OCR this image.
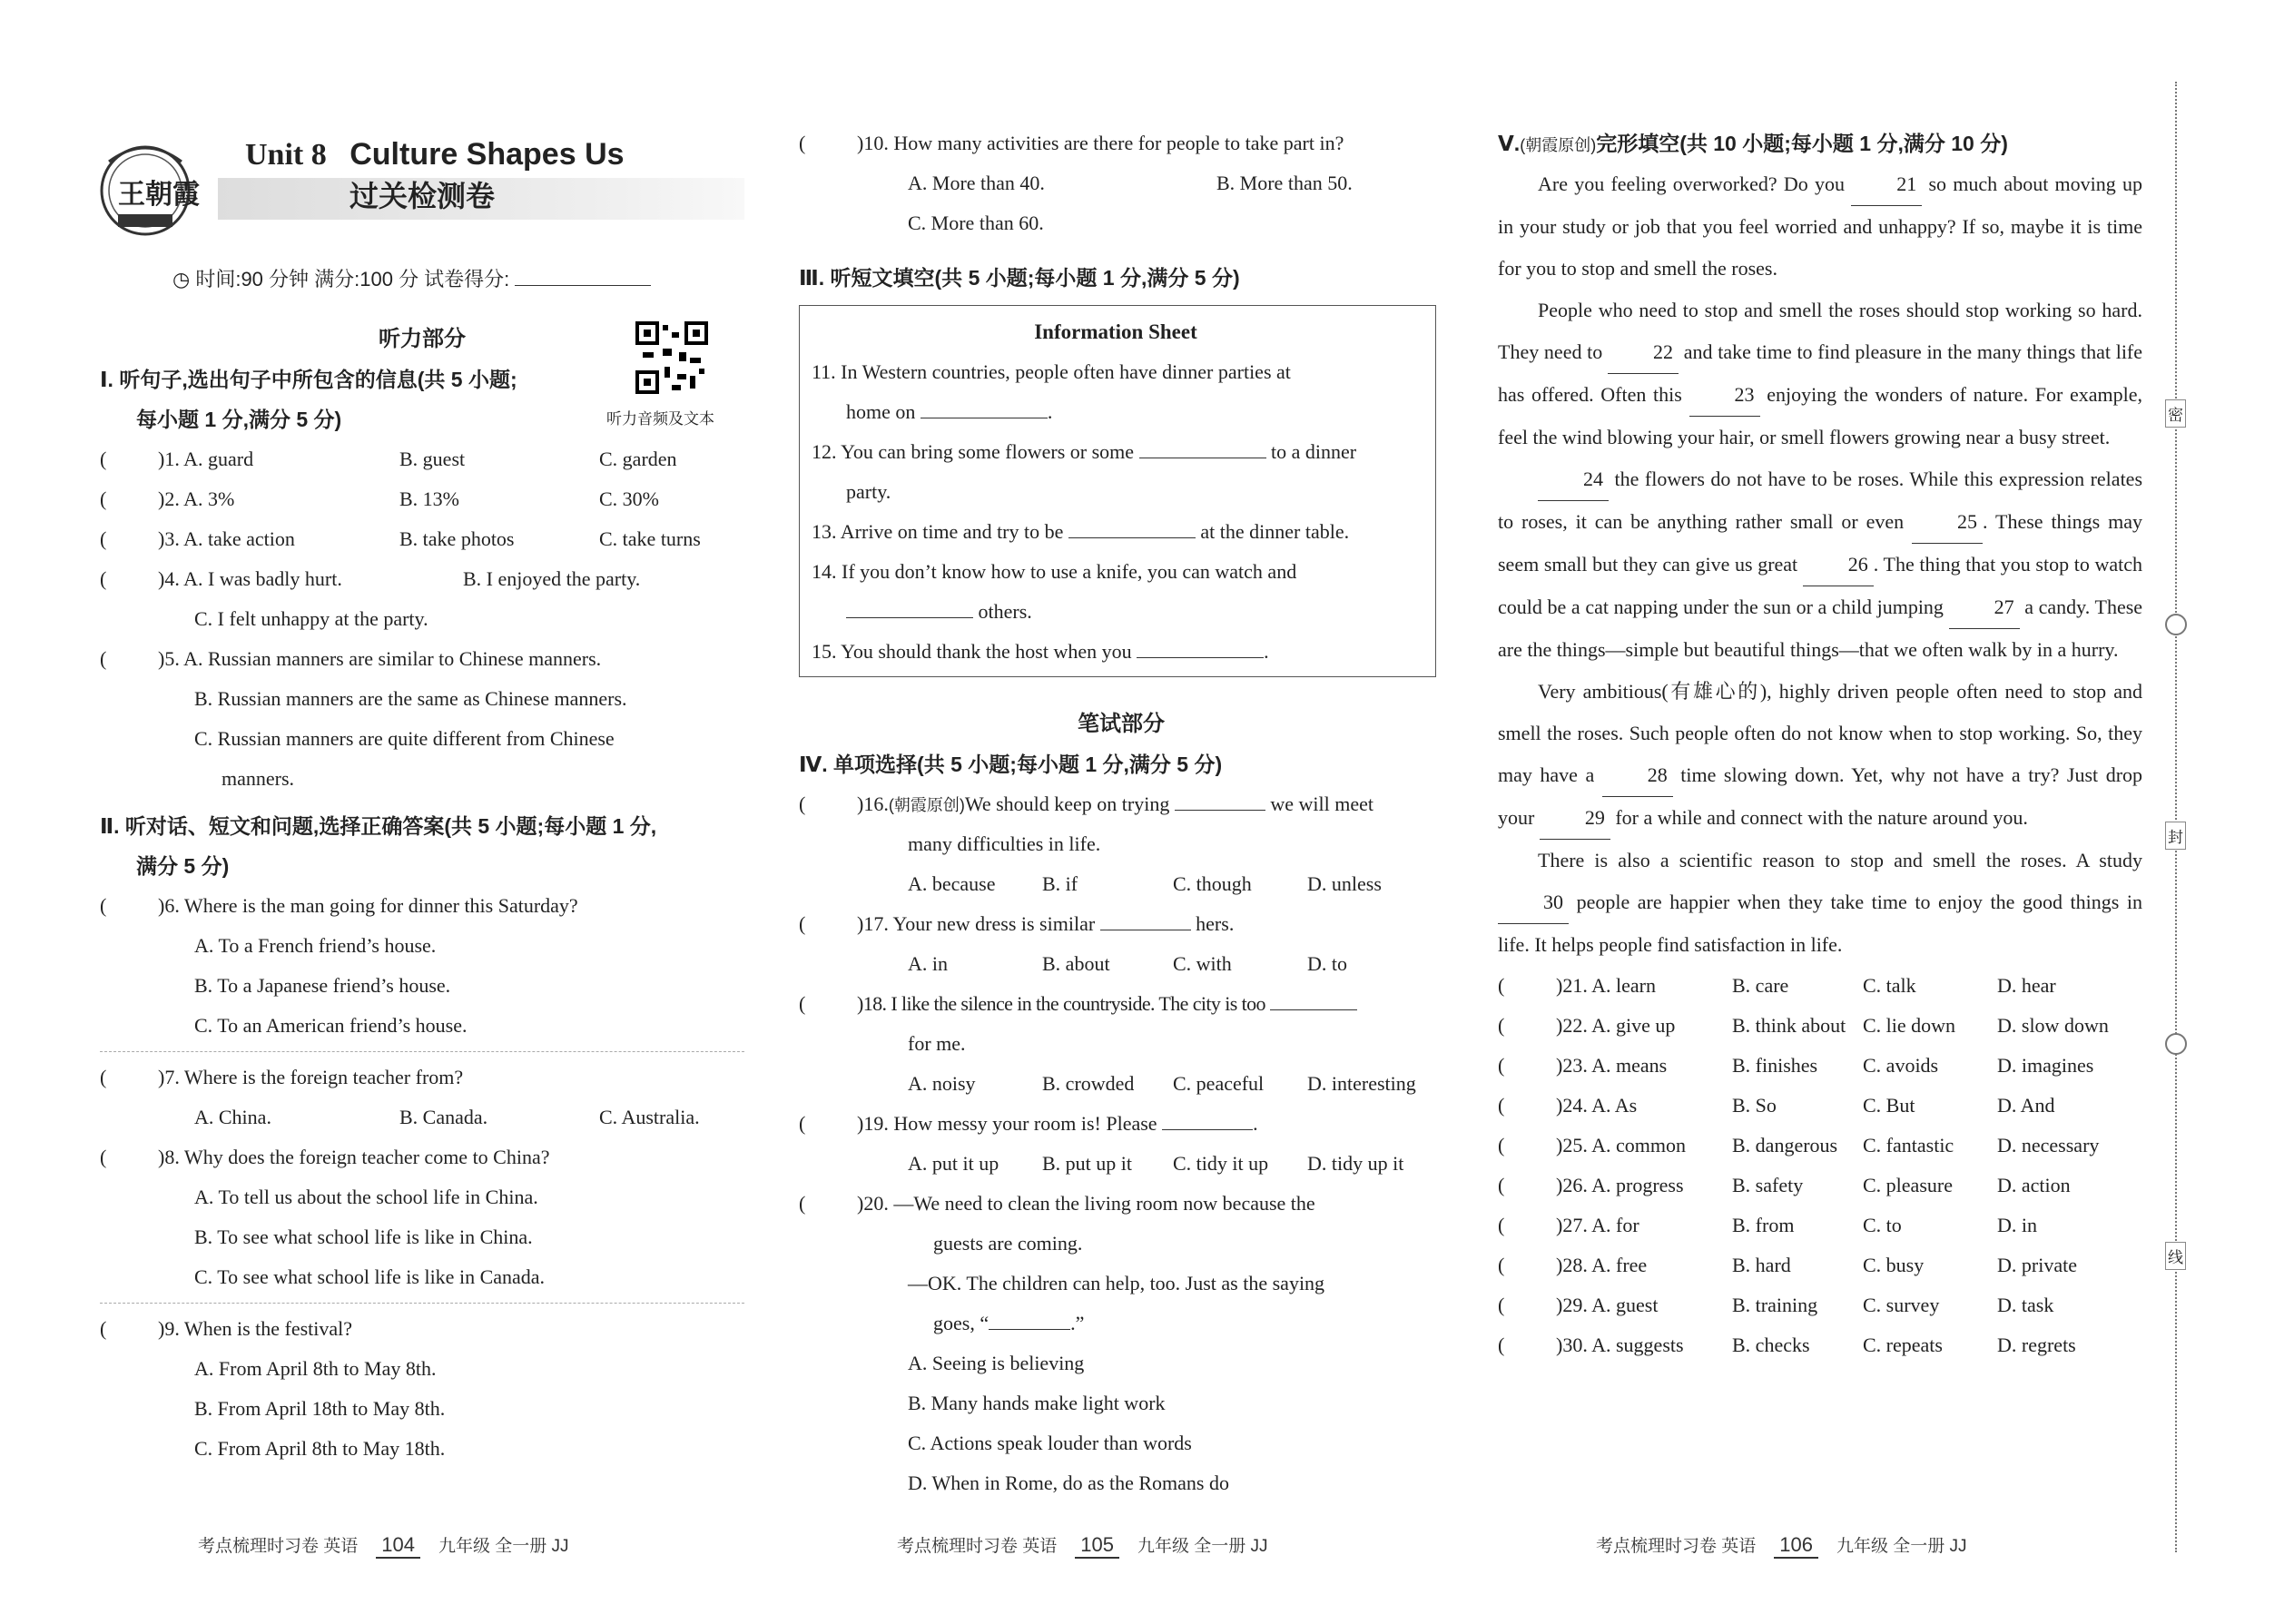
王朝霞
Unit 8 Culture Shapes Us
过关检测卷
◷ 时间:90 分钟 满分:100 分 试卷得分:
听力部分
听力音频及文本
Ⅰ. 听句子,选出句子中所包含的信息(共 5 小题;
每小题 1 分,满分 5 分)
(	)1. A. guard	B. guest	C. garden
(	)2. A. 3%	B. 13%	C. 30%
(	)3. A. take action	B. take photos	C. take turns
(	)4. A. I was badly hurt.	B. I enjoyed the party.
C. I felt unhappy at the party.
(	)5. A. Russian manners are similar to Chinese manners.
B. Russian manners are the same as Chinese manners.
C. Russian manners are quite different from Chinese
manners.
Ⅱ. 听对话、短文和问题,选择正确答案(共 5 小题;每小题 1 分,
满分 5 分)
(	)6. Where is the man going for dinner this Saturday?
A. To a French friend’s house.
B. To a Japanese friend’s house.
C. To an American friend’s house.
(	)7. Where is the foreign teacher from?
A. China.	B. Canada.	C. Australia.
(	)8. Why does the foreign teacher come to China?
A. To tell us about the school life in China.
B. To see what school life is like in China.
C. To see what school life is like in Canada.
(	)9. When is the festival?
A. From April 8th to May 8th.
B. From April 18th to May 8th.
C. From April 8th to May 18th.
(	)10. How many activities are there for people to take part in?
A. More than 40.	B. More than 50.
C. More than 60.
Ⅲ. 听短文填空(共 5 小题;每小题 1 分,满分 5 分)
Information Sheet
11. In Western countries, people often have dinner parties at
home on	.
12. You can bring some flowers or some	to a dinner
party.
13. Arrive on time and try to be	at the dinner table.
14. If you don’t know how to use a knife, you can watch and
others.
15. You should thank the host when you	.
笔试部分
Ⅳ. 单项选择(共 5 小题;每小题 1 分,满分 5 分)
(	)16.(朝霞原创)We should keep on trying	we will meet
many difficulties in life.
A. because B. if	C. though	D. unless
(	)17. Your new dress is similar	hers.
A. in	B. about	C. with	D. to
(	)18. I like the silence in the countryside. The city is too
for me.
A. noisy	B. crowded C. peaceful D. interesting
(	)19. How messy your room is! Please	.
A. put it up B. put up it C. tidy it up D. tidy up it
(	)20. —We need to clean the living room now because the
guests are coming.
—OK. The children can help, too. Just as the saying
goes, “	.”
A. Seeing is believing
B. Many hands make light work
C. Actions speak louder than words
D. When in Rome, do as the Romans do
Ⅴ.(朝霞原创)完形填空(共 10 小题;每小题 1 分,满分 10 分)

Are you feeling overworked? Do you	21 so much about moving up in your study or job that you feel worried and unhappy? If so, maybe it is time for you to stop and smell the roses.

People who need to stop and smell the roses should stop working so hard. They need to	22 and take time to find pleasure in the many things that life has offered. Often this	23 enjoying the wonders of nature. For example, feel the wind blowing your hair, or smell flowers growing near a busy street.

24 the flowers do not have to be roses. While this expression relates to roses, it can be anything rather small or even	25 . These things may seem small but they can give us great	26 . The thing that you stop to watch could be a cat napping under the sun or a child jumping	27 a candy. These are the things—simple but beautiful things—that we often walk by in a hurry.

Very ambitious(有雄心的), highly driven people often need to stop and smell the roses. Such people often do not know when to stop working. So, they may have a	28 time slowing down. Yet, why not have a try? Just drop your	29 for a while and connect with the nature around you.

There is also a scientific reason to stop and smell the roses. A study 30 people are happier when they take time to enjoy the good things in life. It helps people find satisfaction in life.

(	)21. A. learn	B. care	C. talk	D. hear
(	)22. A. give up	B. think about C. lie down D. slow down
(	)23. A. means	B. finishes C. avoids	D. imagines
(	)24. A. As	B. So	C. But	D. And
(	)25. A. common B. dangerous C. fantastic D. necessary
(	)26. A. progress B. safety	C. pleasure D. action
(	)27. A. for	B. from	C. to	D. in
(	)28. A. free	B. hard	C. busy	D. private
(	)29. A. guest	B. training C. survey	D. task
(	)30. A. suggests B. checks	C. repeats	D. regrets
密
封
线
考点梳理时习卷 英语 104 九年级 全一册 JJ	考点梳理时习卷 英语 105 九年级 全一册 JJ	考点梳理时习卷 英语 106 九年级 全一册 JJ
